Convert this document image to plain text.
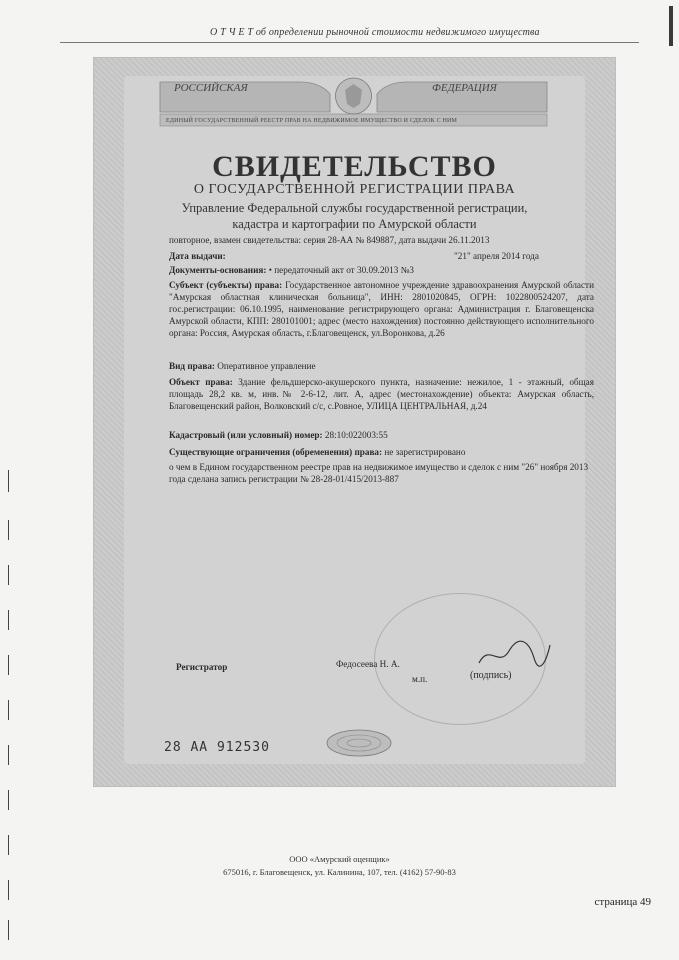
О Т Ч Е Т об определении рыночной стоимости недвижимого имущества
РОССИЙСКАЯ	ФЕДЕРАЦИЯ
ЕДИНЫЙ ГОСУДАРСТВЕННЫЙ РЕЕСТР ПРАВ НА НЕДВИЖИМОЕ ИМУЩЕСТВО И СДЕЛОК С НИМ
СВИДЕТЕЛЬСТВО
О ГОСУДАРСТВЕННОЙ РЕГИСТРАЦИИ ПРАВА
Управление Федеральной службы государственной регистрации,
кадастра и картографии по Амурской области
повторное, взамен свидетельства: серия 28-АА № 849887, дата выдачи 26.11.2013
Дата выдачи:	"21" апреля 2014 года
Документы-основания: • передаточный акт от 30.09.2013 №3
Субъект (субъекты) права: Государственное автономное учреждение здравоохранения Амурской области "Амурская областная клиническая больница", ИНН: 2801020845, ОГРН: 1022800524207, дата гос.регистрации: 06.10.1995, наименование регистрирующего органа: Администрация г. Благовещенска Амурской области, КПП: 280101001; адрес (место нахождения) постоянно действующего исполнительного органа: Россия, Амурская область, г.Благовещенск, ул.Воронкова, д.26
Вид права: Оперативное управление
Объект права: Здание фельдшерско-акушерского пункта, назначение: нежилое, 1 - этажный, общая площадь 28,2 кв. м, инв.№ 2-6-12, лит. А, адрес (местонахождение) объекта: Амурская область, Благовещенский район, Волковский с/с, с.Ровное, УЛИЦА ЦЕНТРАЛЬНАЯ, д.24
Кадастровый (или условный) номер: 28:10:022003:55
Существующие ограничения (обременения) права: не зарегистрировано
о чем в Едином государственном реестре прав на недвижимое имущество и сделок с ним "26" ноября 2013 года сделана запись регистрации № 28-28-01/415/2013-887
Регистратор	Федосеева Н. А.
м.п.	(подпись)
28 АА 912530
ООО «Амурский оценщик»
675016, г. Благовещенск, ул. Калинина, 107, тел. (4162) 57-90-83
страница 49
